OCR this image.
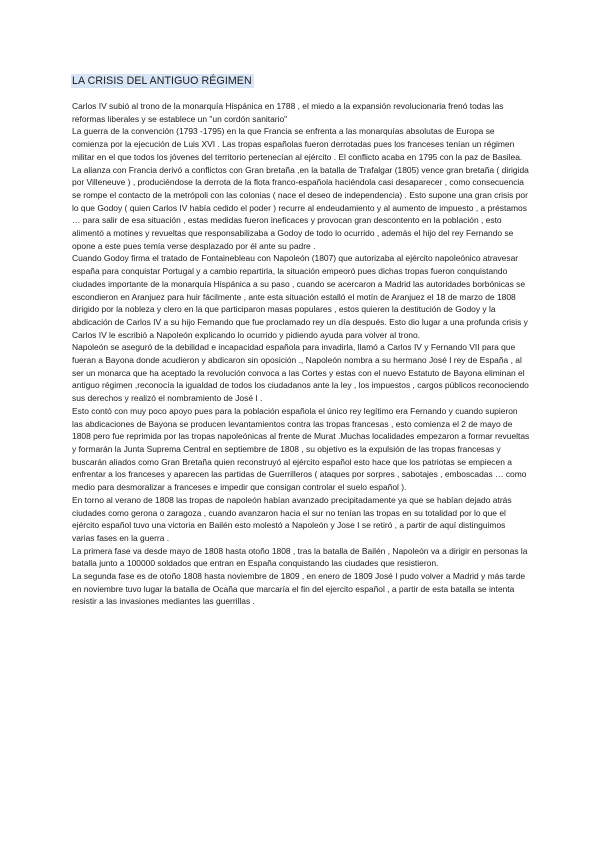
LA CRISIS DEL ANTIGUO RÉGIMEN

Carlos IV subió al trono de la monarquía Hispánica en 1788 , el miedo a la expansión revolucionaria frenó todas las reformas liberales y se establece un "un cordón sanitario"

La guerra de la convención (1793 -1795) en la que Francia se enfrenta a las monarquías absolutas de Europa se comienza por la ejecución de Luis XVI . Las tropas españolas fueron derrotadas pues los franceses tenían un régimen militar en el que todos los jóvenes del territorio pertenecían al ejército . El conflicto acaba en 1795 con la paz de Basilea.

La alianza con Francia derivó a conflictos con Gran bretaña ,en la batalla de Trafalgar (1805) vence gran bretaña ( dirigida por Villeneuve ) , produciéndose la derrota de la flota franco-española haciéndola casi desaparecer , como consecuencia se rompe el contacto de la metrópoli con las colonias ( nace el deseo de independencia) . Esto supone una gran crisis por lo que Godoy ( quien Carlos IV había cedido el poder ) recurre al endeudamiento y al aumento de impuesto , a préstamos … para salir de esa situación , estas medidas fueron ineficaces y provocan gran descontento en la población , esto alimentó a motines y revueltas que responsabilizaba a Godoy de todo lo ocurrido , además el hijo del rey Fernando se opone a este pues temía verse desplazado por él ante su padre .

Cuando Godoy firma el tratado de Fontainebleau con Napoleón (1807) que autorizaba al ejército napoleónico atravesar españa para conquistar Portugal y a cambio repartirla, la situación empeoró pues dichas tropas fueron conquistando ciudades importante de la monarquía Hispánica a su paso , cuando se acercaron a Madrid las autoridades borbónicas se escondieron en Aranjuez para huir fácilmente , ante esta situación estalló el motín de Aranjuez el 18 de marzo de 1808 dirigido por la nobleza y clero en la que participaron masas populares , estos quieren la destitución de Godoy y la abdicación de Carlos IV a su hijo Fernando que fue proclamado rey un día después. Esto dio lugar a una profunda crisis y Carlos IV le escribió a Napoleón explicando lo ocurrido y pidiendo ayuda para volver al trono.

Napoleón se aseguró de la debilidad e incapacidad española para invadirla, llamó a Carlos IV y Fernando VII para que fueran a Bayona donde acudieron y abdicaron sin oposición ., Napoleón nombra a su hermano José I rey de España , al ser un monarca que ha aceptado la revolución convoca a las Cortes y estas con el nuevo Estatuto de Bayona eliminan el antiguo régimen ,reconocía la igualdad de todos los ciudadanos ante la ley , los impuestos , cargos públicos reconociendo sus derechos y realizó el nombramiento de José I .

Esto contó con muy poco apoyo pues para la población española el único rey legítimo era Fernando y cuando supieron las abdicaciones de Bayona se producen levantamientos contra las tropas francesas , esto comienza el 2 de mayo de 1808 pero fue reprimida por las tropas napoleónicas al frente de Murat .Muchas localidades empezaron a formar revueltas y formarán la Junta Suprema Central en septiembre de 1808 , su objetivo es la expulsión de las tropas francesas y buscarán aliados como Gran Bretaña quien reconstruyó al ejército español esto hace que los patriotas se empiecen a enfrentar a los franceses y aparecen las partidas de Guerrilleros ( ataques por sorpres , sabotajes , emboscadas … como medio para desmoralizar a franceses e impedir que consigan controlar el suelo español ).

En torno al verano de 1808 las tropas de napoleón habían avanzado precipitadamente ya que se habían dejado atrás ciudades como gerona o zaragoza , cuando avanzaron hacia el sur no tenían las tropas en su totalidad por lo que el ejército español tuvo una victoria en Bailén esto molestó a Napoleón y Jose I se retiró , a partir de aquí distinguimos varias fases en la guerra .

La primera fase va desde mayo de 1808 hasta otoño 1808 , tras la batalla de Bailén , Napoleón va a dirigir en personas la batalla junto a 100000 soldados que entran en España conquistando las ciudades que resistieron.

La segunda fase es de otoño 1808 hasta noviembre de 1809 , en enero de 1809 José I pudo volver a Madrid y más tarde en noviembre tuvo lugar la batalla de Ocaña que marcaría el fin del ejercito español , a partir de esta batalla se intenta resistir a las invasiones mediantes las guerrillas .
